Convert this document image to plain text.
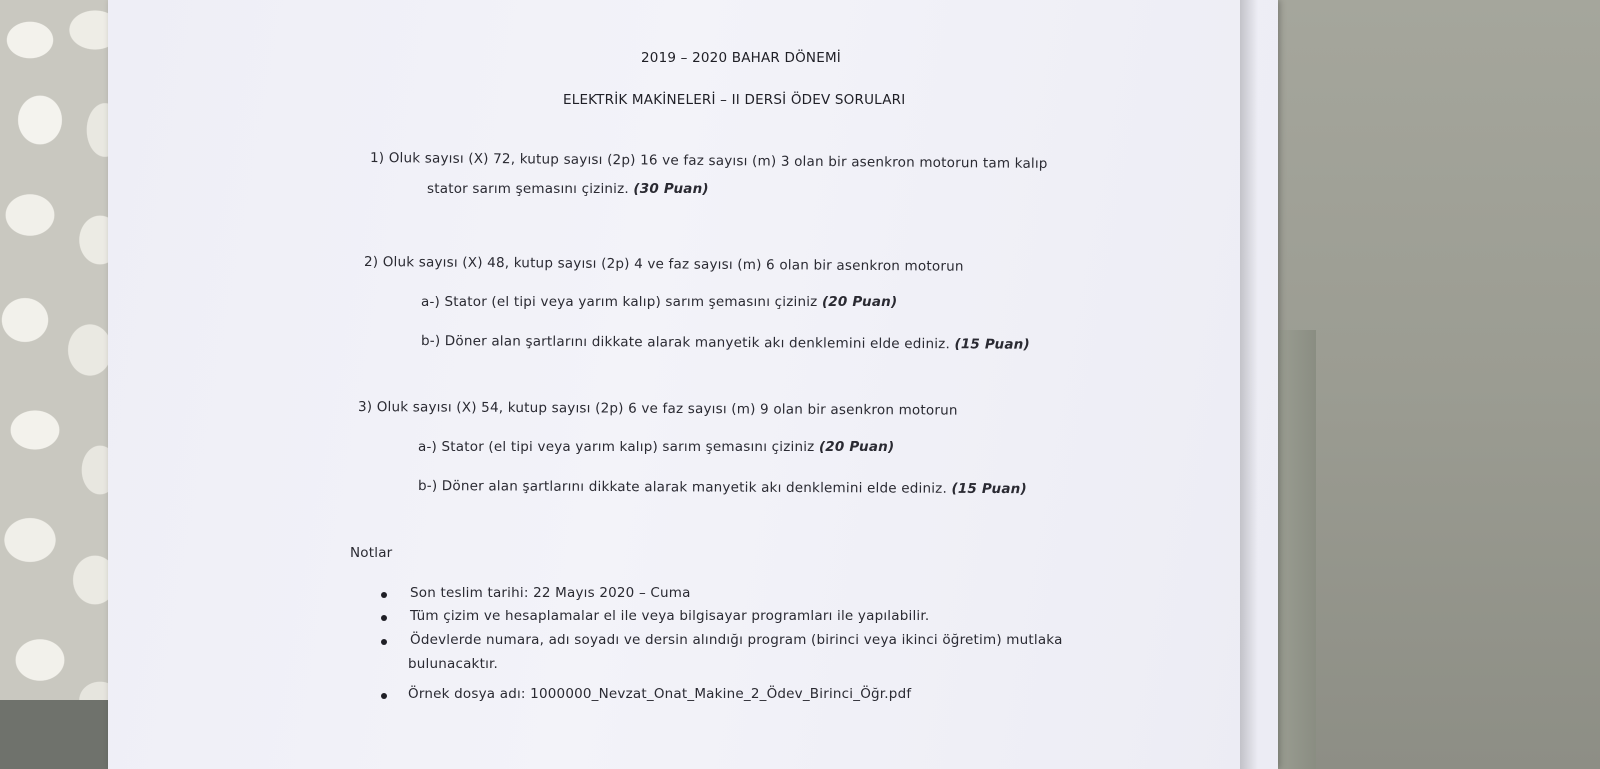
2019 – 2020 BAHAR DÖNEMİ
ELEKTRİK MAKİNELERİ – II DERSİ ÖDEV SORULARI
1) Oluk sayısı (X) 72, kutup sayısı (2p) 16 ve faz sayısı (m) 3 olan bir asenkron motorun tam kalıp
stator sarım şemasını çiziniz. (30 Puan)
2) Oluk sayısı (X) 48, kutup sayısı (2p) 4 ve faz sayısı (m) 6 olan bir asenkron motorun
a-) Stator (el tipi veya yarım kalıp) sarım şemasını çiziniz (20 Puan)
b-) Döner alan şartlarını dikkate alarak manyetik akı denklemini elde ediniz. (15 Puan)
3) Oluk sayısı (X) 54, kutup sayısı (2p) 6 ve faz sayısı (m) 9 olan bir asenkron motorun
a-) Stator (el tipi veya yarım kalıp) sarım şemasını çiziniz (20 Puan)
b-) Döner alan şartlarını dikkate alarak manyetik akı denklemini elde ediniz. (15 Puan)
Notlar
Son teslim tarihi: 22 Mayıs 2020 – Cuma
Tüm çizim ve hesaplamalar el ile veya bilgisayar programları ile yapılabilir.
Ödevlerde numara, adı soyadı ve dersin alındığı program (birinci veya ikinci öğretim) mutlaka
bulunacaktır.
Örnek dosya adı: 1000000_Nevzat_Onat_Makine_2_Ödev_Birinci_Öğr.pdf
